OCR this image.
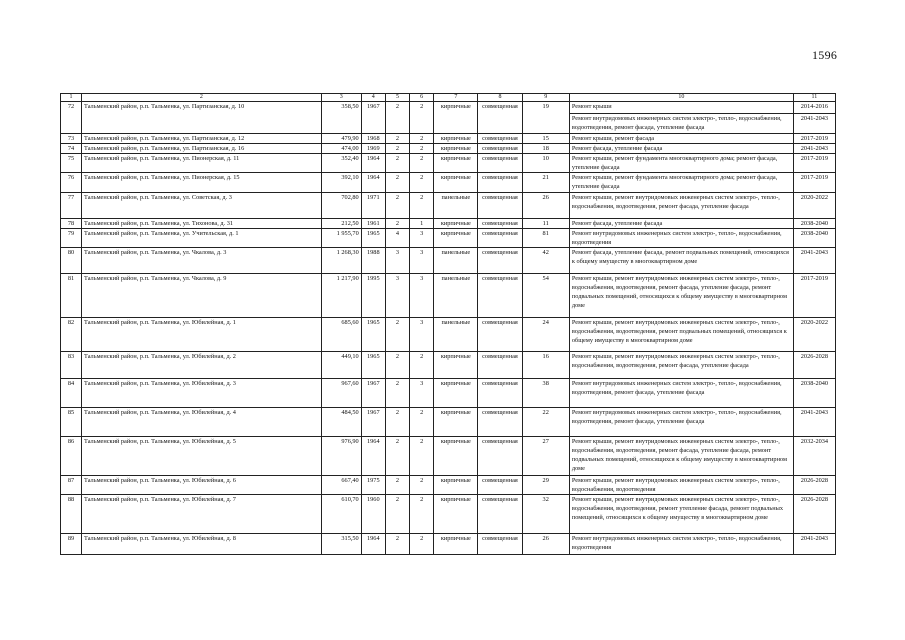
1596
1	2	3	4	5	6	7	8	9	10	11
72	Тальменский район, р.п. Тальменка, ул. Партизанская, д. 10	358,50	1967	2	2	кирпичные	совмещенная	19	Ремонт крыши	2014-2016
									Ремонт внутридомовых инженерных систем электро-, тепло-, водоснабжения, водоотведения, ремонт фасада, утепление фасада	2041-2043
73	Тальменский район, р.п. Тальменка, ул. Партизанская, д. 12	479,90	1968	2	2	кирпичные	совмещенная	15	Ремонт крыши, ремонт фасада	2017-2019
74	Тальменский район, р.п. Тальменка, ул. Партизанская, д. 16	474,00	1969	2	2	кирпичные	совмещенная	18	Ремонт фасада, утепление фасада	2041-2043
75	Тальменский район, р.п. Тальменка, ул. Пионерская, д. 11	352,40	1964	2	2	кирпичные	совмещенная	10	Ремонт крыши, ремонт фундамента многоквартирного дома; ремонт фасада, утепление фасада	2017-2019
76	Тальменский район, р.п. Тальменка, ул. Пионерская, д. 15	392,10	1964	2	2	кирпичные	совмещенная	21	Ремонт крыши, ремонт фундамента многоквартирного дома; ремонт фасада, утепление фасада	2017-2019
77	Тальменский район, р.п. Тальменка, ул. Советская, д. 3	702,80	1971	2	2	панельные	совмещенная	26	Ремонт крыши, ремонт внутридомовых инженерных систем электро-, тепло-, водоснабжения, водоотведения, ремонт фасада, утепление фасада	2020-2022
78	Тальменский район, р.п. Тальменка, ул. Тихонова, д. 31	212,50	1961	2	1	кирпичные	совмещенная	11	Ремонт фасада, утепление фасада	2038-2040
79	Тальменский район, р.п. Тальменка, ул. Учительская, д. 1	1 955,70	1965	4	3	кирпичные	совмещенная	81	Ремонт внутридомовых инженерных систем электро-, тепло-, водоснабжения, водоотведения	2038-2040
80	Тальменский район, р.п. Тальменка, ул. Чкалова, д. 3	1 268,30	1988	3	3	панельные	совмещенная	42	Ремонт фасада, утепление фасада, ремонт подвальных помещений, относящихся к общему имуществу в многоквартирном доме	2041-2043
81	Тальменский район, р.п. Тальменка, ул. Чкалова, д. 9	1 217,90	1995	3	3	панельные	совмещенная	54	Ремонт крыши, ремонт внутридомовых инженерных систем электро-, тепло-, водоснабжения, водоотведения, ремонт фасада, утепление фасада, ремонт подвальных помещений, относящихся к общему имуществу в многоквартирном доме	2017-2019
82	Тальменский район, р.п. Тальменка, ул. Юбилейная, д. 1	685,60	1965	2	3	панельные	совмещенная	24	Ремонт крыши, ремонт внутридомовых инженерных систем электро-, тепло-, водоснабжения, водоотведения, ремонт подвальных помещений, относящихся к общему имуществу в многоквартирном доме	2020-2022
83	Тальменский район, р.п. Тальменка, ул. Юбилейная, д. 2	449,10	1965	2	2	кирпичные	совмещенная	16	Ремонт крыши, ремонт внутридомовых инженерных систем электро-, тепло-, водоснабжения, водоотведения, ремонт фасада, утепление фасада	2026-2028
84	Тальменский район, р.п. Тальменка, ул. Юбилейная, д. 3	967,60	1967	2	3	кирпичные	совмещенная	38	Ремонт внутридомовых инженерных систем электро-, тепло-, водоснабжения, водоотведения, ремонт фасада, утепление фасада	2038-2040
85	Тальменский район, р.п. Тальменка, ул. Юбилейная, д. 4	484,50	1967	2	2	кирпичные	совмещенная	22	Ремонт внутридомовых инженерных систем электро-, тепло-, водоснабжения, водоотведения, ремонт фасада, утепление фасада	2041-2043
86	Тальменский район, р.п. Тальменка, ул. Юбилейная, д. 5	976,90	1964	2	2	кирпичные	совмещенная	27	Ремонт крыши, ремонт внутридомовых инженерных систем электро-, тепло-, водоснабжения, водоотведения, ремонт фасада, утепление фасада, ремонт подвальных помещений, относящихся к общему имуществу в многоквартирном доме	2032-2034
87	Тальменский район, р.п. Тальменка, ул. Юбилейная, д. 6	667,40	1975	2	2	кирпичные	совмещенная	29	Ремонт крыши, ремонт внутридомовых инженерных систем электро-, тепло-, водоснабжения, водоотведения	2026-2028
88	Тальменский район, р.п. Тальменка, ул. Юбилейная, д. 7	610,70	1960	2	2	кирпичные	совмещенная	32	Ремонт крыши, ремонт внутридомовых инженерных систем электро-, тепло-, водоснабжения, водоотведения, ремонт утепление фасада, ремонт подвальных помещений, относящихся к общему имуществу в многоквартирном доме	2026-2028
89	Тальменский район, р.п. Тальменка, ул. Юбилейная, д. 8	315,50	1964	2	2	кирпичные	совмещенная	26	Ремонт внутридомовых инженерных систем электро-, тепло-, водоснабжения, водоотведения	2041-2043
